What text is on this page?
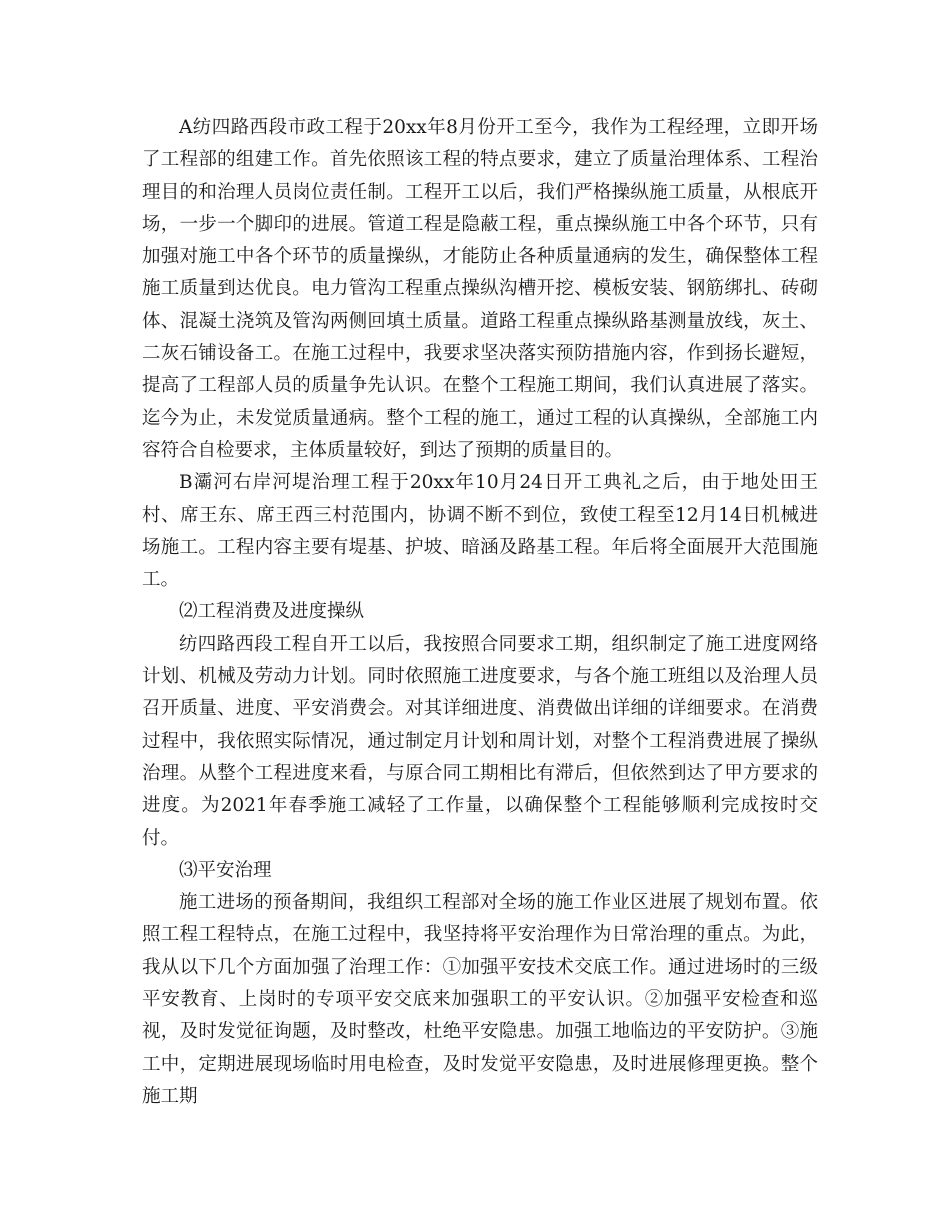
A纺四路西段市政工程于20xx年8月份开工至今，我作为工程经理，立即开场了工程部的组建工作。首先依照该工程的特点要求，建立了质量治理体系、工程治理目的和治理人员岗位责任制。工程开工以后，我们严格操纵施工质量，从根底开场，一步一个脚印的进展。管道工程是隐蔽工程，重点操纵施工中各个环节，只有加强对施工中各个环节的质量操纵，才能防止各种质量通病的发生，确保整体工程施工质量到达优良。电力管沟工程重点操纵沟槽开挖、模板安装、钢筋绑扎、砖砌体、混凝土浇筑及管沟两侧回填土质量。道路工程重点操纵路基测量放线，灰土、二灰石铺设备工。在施工过程中，我要求坚决落实预防措施内容，作到扬长避短，提高了工程部人员的质量争先认识。在整个工程施工期间，我们认真进展了落实。迄今为止，未发觉质量通病。整个工程的施工，通过工程的认真操纵，全部施工内容符合自检要求，主体质量较好，到达了预期的质量目的。

B灞河右岸河堤治理工程于20xx年10月24日开工典礼之后，由于地处田王村、席王东、席王西三村范围内，协调不断不到位，致使工程至12月14日机械进场施工。工程内容主要有堤基、护坡、暗涵及路基工程。年后将全面展开大范围施工。

⑵工程消费及进度操纵

纺四路西段工程自开工以后，我按照合同要求工期，组织制定了施工进度网络计划、机械及劳动力计划。同时依照施工进度要求，与各个施工班组以及治理人员召开质量、进度、平安消费会。对其详细进度、消费做出详细的详细要求。在消费过程中，我依照实际情况，通过制定月计划和周计划，对整个工程消费进展了操纵治理。从整个工程进度来看，与原合同工期相比有滞后，但依然到达了甲方要求的进度。为2021年春季施工减轻了工作量，以确保整个工程能够顺利完成按时交付。

⑶平安治理

施工进场的预备期间，我组织工程部对全场的施工作业区进展了规划布置。依照工程工程特点，在施工过程中，我坚持将平安治理作为日常治理的重点。为此，我从以下几个方面加强了治理工作：①加强平安技术交底工作。通过进场时的三级平安教育、上岗时的专项平安交底来加强职工的平安认识。②加强平安检查和巡视，及时发觉征询题，及时整改，杜绝平安隐患。加强工地临边的平安防护。③施工中，定期进展现场临时用电检查，及时发觉平安隐患，及时进展修理更换。整个施工期
